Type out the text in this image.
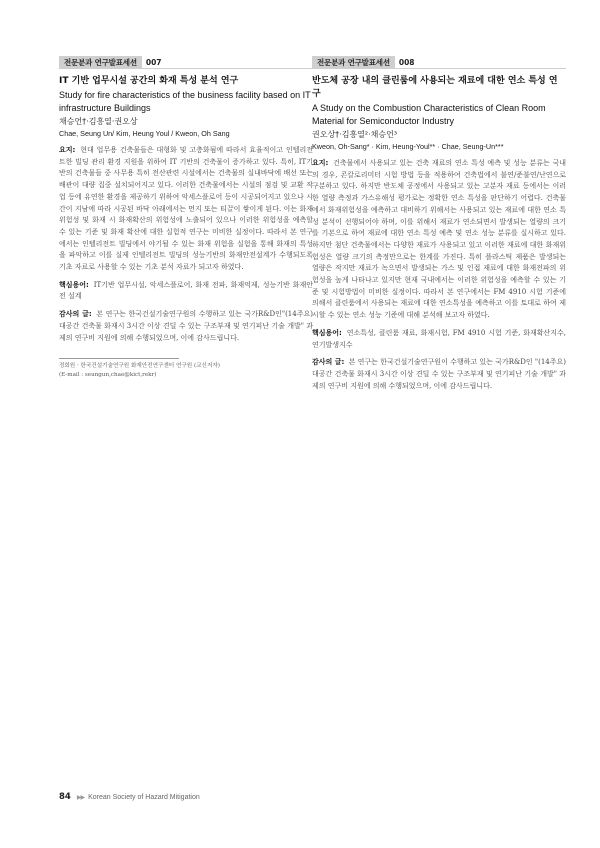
전문분과 연구발표세션	007
IT 기반 업무시설 공간의 화재 특성 분석 연구
Study for fire characteristics of the business facility based on IT infrastructure Buildings
채승언†·김흥열·권오상
Chae, Seung Un/ Kim, Heung Youl / Kweon, Oh Sang

요지: 현대 업무용 건축물들은 대형화 및 고층화됨에 따라서 효율적이고 인텔리전트한 빌딩 관리 환경 지원을 위하여 IT 기반의 건축물이 증가하고 있다. 특히, IT기반의 건축물들 중 사무용 특히 전산관련 시설에서는 건축물의 실내바닥에 배선 또는 배관이 대량 집중 설치되어지고 있다. 이러한 건축물에서는 시설의 점검 및 교환 작업 등에 유연한 환경을 제공하기 위하여 악세스플로어 등이 시공되어지고 있으나 시간이 지남에 따라 시공된 바닥 아래에서는 먼지 또는 티끌이 쌓이게 된다. 이는 화재 위험성 및 화재 시 화재확산의 위험성에 노출되어 있으나 이러한 위험성을 예측할 수 있는 기준 및 화재 확산에 대한 실험적 연구는 미비한 실정이다. 따라서 본 연구에서는 인텔리전트 빌딩에서 야기될 수 있는 화재 위험을 실험을 통해 화재의 특성을 파악하고 이를 실제 인텔리전트 빌딩의 성능기반의 화재안전설계가 수행되도록 기초 자료로 사용할 수 있는 기초 분석 자료가 되고자 하였다.

핵심용어: IT기반 업무시설, 악세스플로어, 화재 전파, 화재억제, 성능기반 화재안전 설계

감사의 글: 본 연구는 한국건설기술연구원의 수행하고 있는 국가R&D인"(14주요)대공간 건축물 화재시 3시간 이상 견딜 수 있는 구조부재 및 연기피난 기술 개발" 과제의 연구비 지원에 의해 수행되었으며, 이에 감사드립니다.

정회원 · 한국건설기술연구원 화재안전연구센터 연구원 (교신저자)
(E-mail : seungun,chae@kict,rekr)
전문분과 연구발표세션	008
반도체 공장 내의 클린룸에 사용되는 재료에 대한 연소 특성 연구
A Study on the Combustion Characteristics of Clean Room Material for Semiconductor Industry
권오상†·김흥열²·채승언³
Kweon, Oh-Sang* · Kim, Heung-Youl** · Chae, Seung-Un***

요지: 건축물에서 사용되고 있는 건축 재료의 연소 특성 예측 및 성능 분류는 국내의 경우, 콘칼로리미터 시험 방법 등을 적용하여 건축법에서 불연/준불연/난연으로 구분하고 있다. 하지만 반도체 공정에서 사용되고 있는 고분자 재료 등에서는 이러한 열량 측정과 가스유해성 평가로는 정확한 연소 특성을 판단하기 어렵다. 건축물에서 화재위험성을 예측하고 대비하기 위해서는 사용되고 있는 재료에 대한 연소 특성 분석이 선행되어야 하며, 이를 위해서 재료가 연소되면서 발생되는 열량의 크기를 기본으로 하여 재료에 대한 연소 특성 예측 및 연소 성능 분류를 실시하고 있다. 하지만 첨단 건축물에서는 다양한 재료가 사용되고 있고 이러한 재료에 대한 화재위험성은 열량 크기의 측정만으로는 한계를 가진다. 특히 플라스틱 제품은 발생되는 열량은 작지만 재료가 녹으면서 발생되는 가스 및 인접 재료에 대한 화재전파의 위험성을 높게 나타나고 있지만 현재 국내에서는 이러한 위험성을 예측할 수 있는 기준 및 시험방법이 미비한 실정이다. 따라서 본 연구에서는 FM 4910 시험 기준에 의해서 클린룸에서 사용되는 재료에 대한 연소특성을 예측하고 이를 토대로 하여 제시할 수 있는 연소 성능 기준에 대해 분석해 보고자 하였다.

핵심용어: 연소특성, 클린룸 재료, 화재시험, FM 4910 시험 기준, 화재확산지수, 연기발생지수

감사의 글: 본 연구는 한국건설기술연구원이 수행하고 있는 국가R&D인 "(14주요)대공간 건축물 화재시 3시간 이상 견딜 수 있는 구조부재 및 연기피난 기술 개발" 과제의 연구비 지원에 의해 수행되었으며, 이에 감사드립니다.

84 ▶▶ Korean Society of Hazard Mitigation
